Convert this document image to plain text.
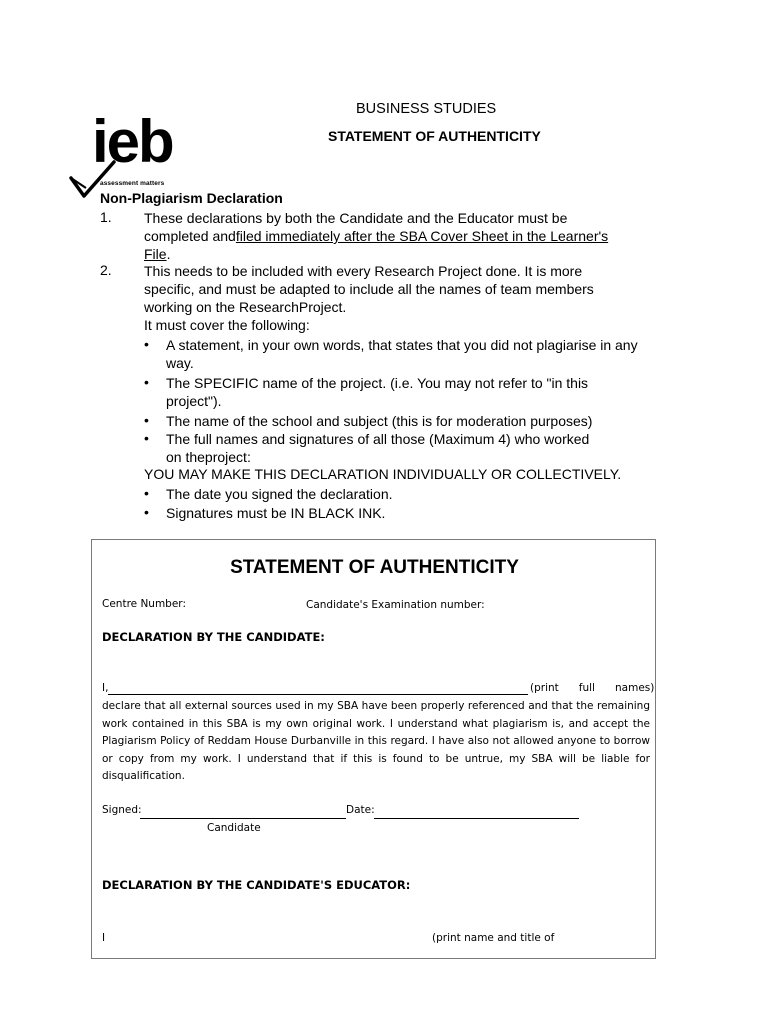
ieb
assessment matters
BUSINESS STUDIES
STATEMENT OF AUTHENTICITY
Non-Plagiarism Declaration
1. These declarations by both the Candidate and the Educator must be
completed andfiled immediately after the SBA Cover Sheet in the Learner's
File.
2. This needs to be included with every Research Project done. It is more
specific, and must be adapted to include all the names of team members
working on the ResearchProject.
It must cover the following:
• A statement, in your own words, that states that you did not plagiarise in any
way.
• The SPECIFIC name of the project. (i.e. You may not refer to "in this
project").
• The name of the school and subject (this is for moderation purposes)
• The full names and signatures of all those (Maximum 4) who worked
on theproject:
YOU MAY MAKE THIS DECLARATION INDIVIDUALLY OR COLLECTIVELY.
• The date you signed the declaration.
• Signatures must be IN BLACK INK.
STATEMENT OF AUTHENTICITY
Centre Number:	Candidate's Examination number:
DECLARATION BY THE CANDIDATE:
I,	(print      full      names)
declare that all external sources used in my SBA have been properly referenced and that the remaining work contained in this SBA is my own original work. I understand what plagiarism is, and accept the Plagiarism Policy of Reddam House Durbanville in this regard. I have also not allowed anyone to borrow or copy from my work. I understand that if this is found to be untrue, my SBA will be liable for disqualification.
Signed:	Date:
Candidate
DECLARATION BY THE CANDIDATE'S EDUCATOR:
I	(print name and title of
